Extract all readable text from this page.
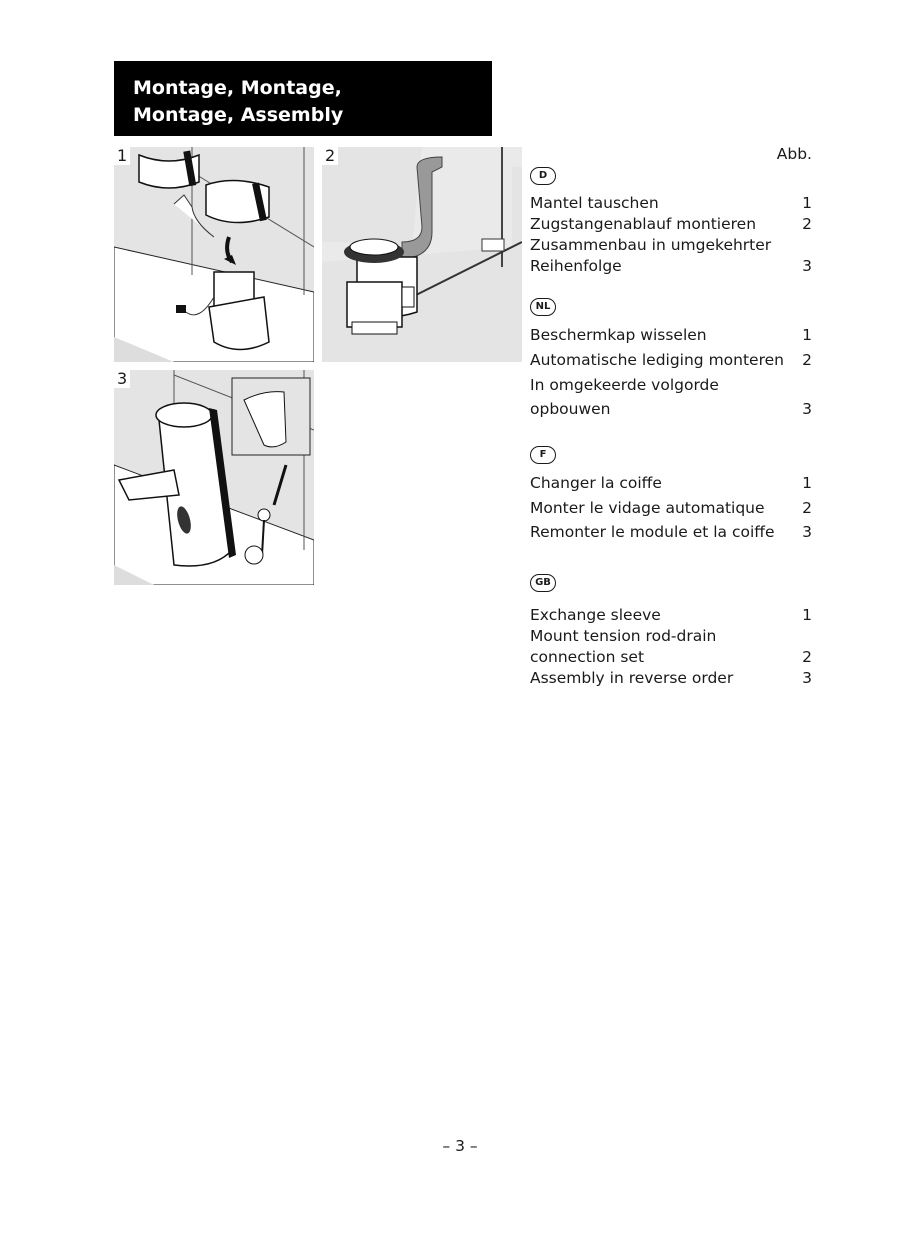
Montage, Montage,
Montage, Assembly
1	2
3
Abb.
D
Mantel tauschen	1
Zugstangenablauf montieren	2
Zusammenbau in umgekehrter
Reihenfolge	3
NL
Beschermkap wisselen	1
Automatische lediging monteren 2
In omgekeerde volgorde
opbouwen	3
F
Changer la coiffe	1
Monter le vidage automatique 2
Remonter le module et la coiffe 3
GB
Exchange sleeve	1
Mount tension rod-drain
connection set	2
Assembly in reverse order	3
– 3 –
